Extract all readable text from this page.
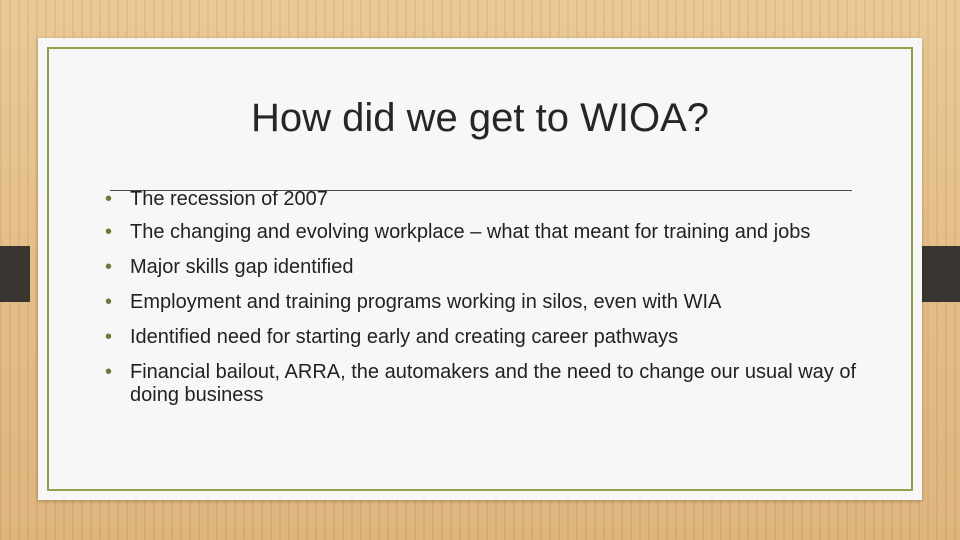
How did we get to WIOA?
• The recession of 2007
• The changing and evolving workplace – what that meant for training and jobs
• Major skills gap identified
• Employment and training programs working in silos, even with WIA
• Identified need for starting early and creating career pathways
• Financial bailout, ARRA, the automakers and the need to change our usual way of doing business
